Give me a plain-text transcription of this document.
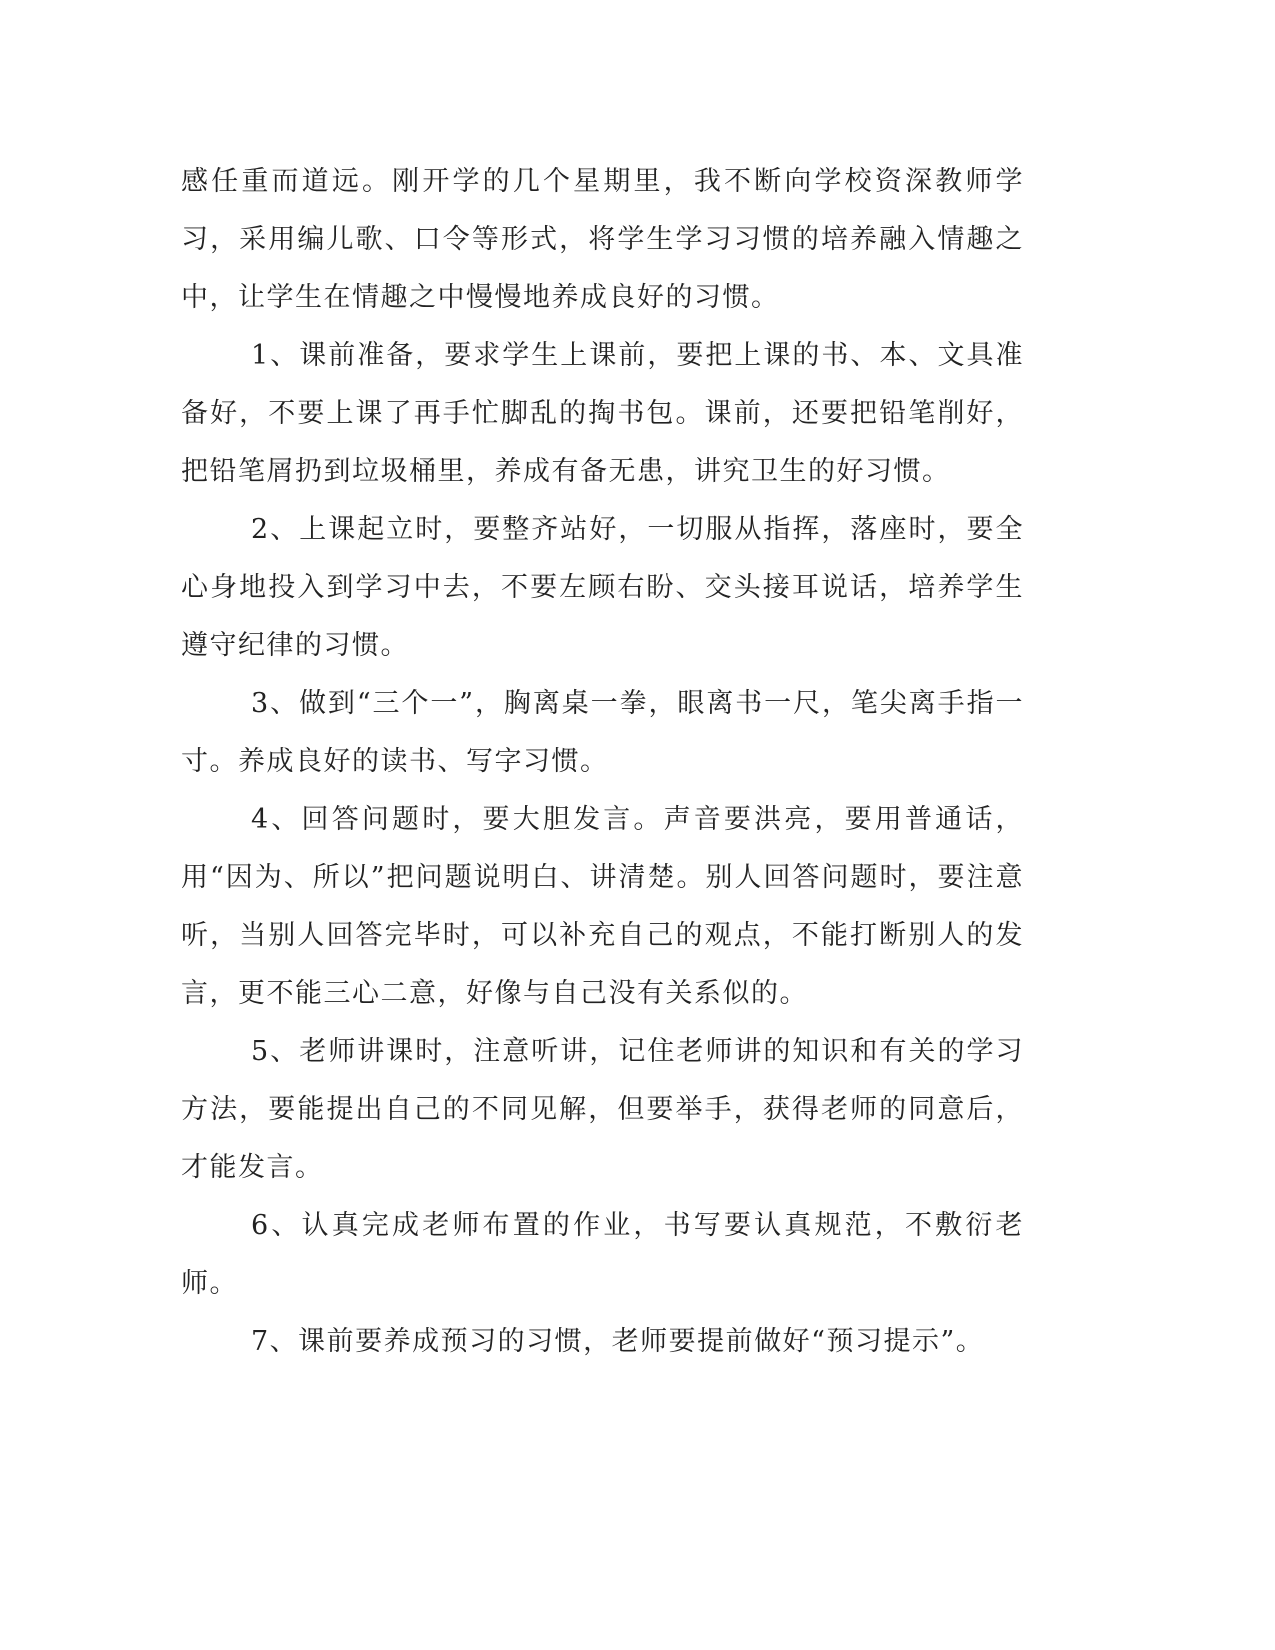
感任重而道远。刚开学的几个星期里，我不断向学校资深教师学习，采用编儿歌、口令等形式，将学生学习习惯的培养融入情趣之中，让学生在情趣之中慢慢地养成良好的习惯。

1、课前准备，要求学生上课前，要把上课的书、本、文具准备好，不要上课了再手忙脚乱的掏书包。课前，还要把铅笔削好，把铅笔屑扔到垃圾桶里，养成有备无患，讲究卫生的好习惯。

2、上课起立时，要整齐站好，一切服从指挥，落座时，要全心身地投入到学习中去，不要左顾右盼、交头接耳说话，培养学生遵守纪律的习惯。

3、做到“三个一”，胸离桌一拳，眼离书一尺，笔尖离手指一寸。养成良好的读书、写字习惯。

4、回答问题时，要大胆发言。声音要洪亮，要用普通话，用“因为、所以”把问题说明白、讲清楚。别人回答问题时，要注意听，当别人回答完毕时，可以补充自己的观点，不能打断别人的发言，更不能三心二意，好像与自己没有关系似的。

5、老师讲课时，注意听讲，记住老师讲的知识和有关的学习方法，要能提出自己的不同见解，但要举手，获得老师的同意后，才能发言。

6、认真完成老师布置的作业，书写要认真规范，不敷衍老师。

7、课前要养成预习的习惯，老师要提前做好“预习提示”。
